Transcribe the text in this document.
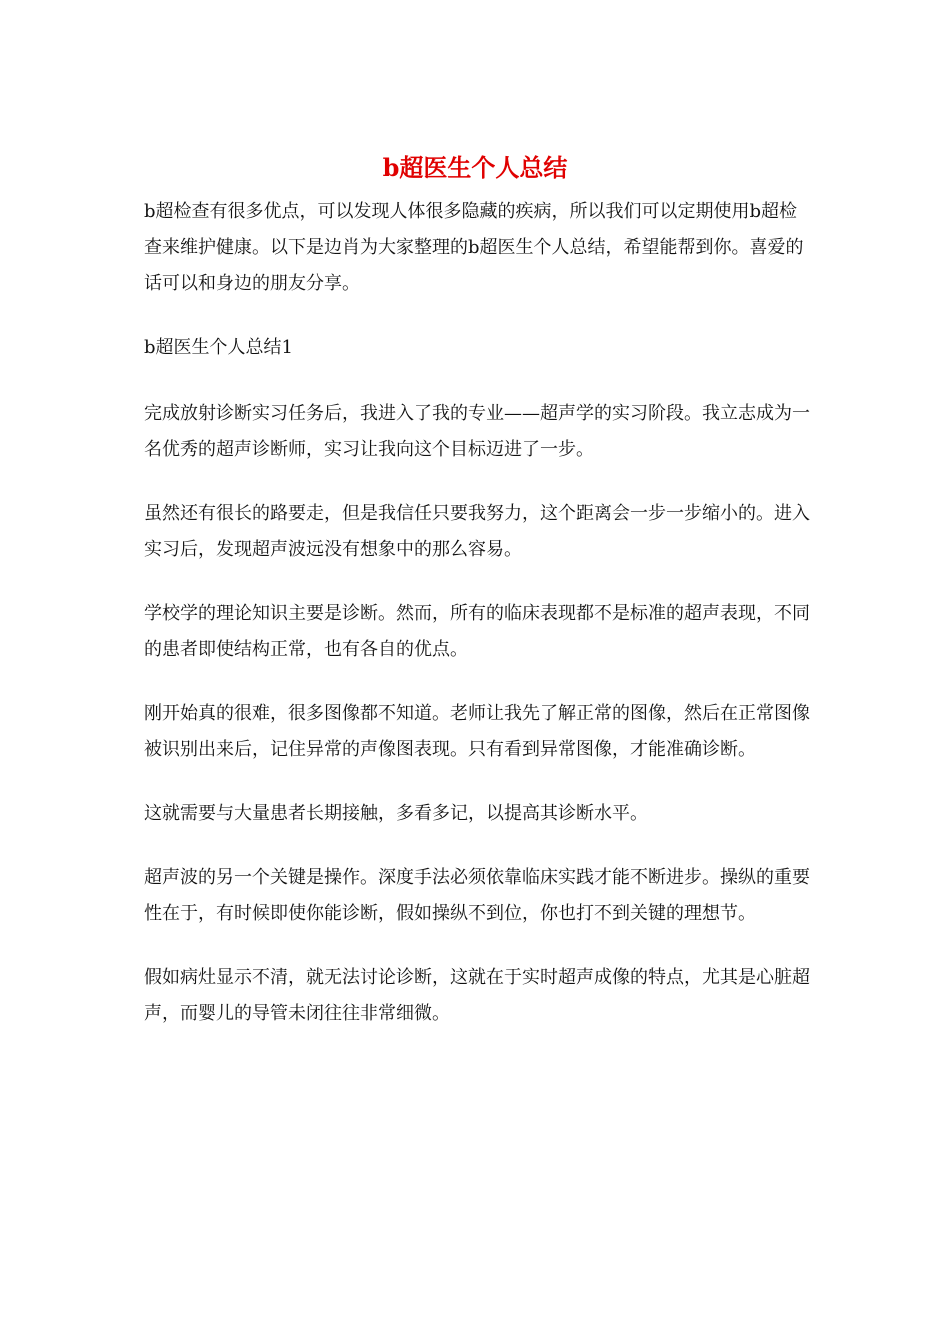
b超医生个人总结

b超检查有很多优点，可以发现人体很多隐藏的疾病，所以我们可以定期使用b超检查来维护健康。以下是边肖为大家整理的b超医生个人总结，希望能帮到你。喜爱的话可以和身边的朋友分享。

b超医生个人总结1

完成放射诊断实习任务后，我进入了我的专业——超声学的实习阶段。我立志成为一名优秀的超声诊断师，实习让我向这个目标迈进了一步。

虽然还有很长的路要走，但是我信任只要我努力，这个距离会一步一步缩小的。进入实习后，发现超声波远没有想象中的那么容易。

学校学的理论知识主要是诊断。然而，所有的临床表现都不是标准的超声表现，不同的患者即使结构正常，也有各自的优点。

刚开始真的很难，很多图像都不知道。老师让我先了解正常的图像，然后在正常图像被识别出来后，记住异常的声像图表现。只有看到异常图像，才能准确诊断。

这就需要与大量患者长期接触，多看多记，以提高其诊断水平。

超声波的另一个关键是操作。深度手法必须依靠临床实践才能不断进步。操纵的重要性在于，有时候即使你能诊断，假如操纵不到位，你也打不到关键的理想节。

假如病灶显示不清，就无法讨论诊断，这就在于实时超声成像的特点，尤其是心脏超声，而婴儿的导管未闭往往非常细微。
